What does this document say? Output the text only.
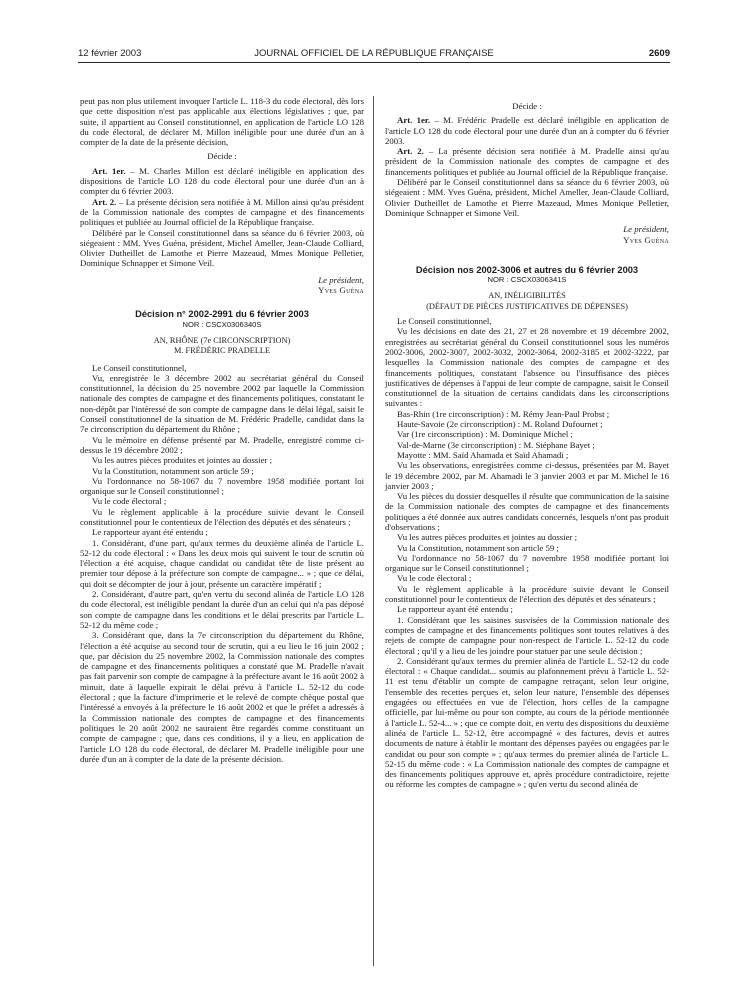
12 février 2003	JOURNAL OFFICIEL DE LA RÉPUBLIQUE FRANÇAISE	2609

peut pas non plus utilement invoquer l'article L. 118-3 du code électoral, dès lors que cette disposition n'est pas applicable aux élections législatives ; que, par suite, il appartient au Conseil constitutionnel, en application de l'article LO 128 du code électoral, de déclarer M. Millon inéligible pour une durée d'un an à compter de la date de la présente décision,

Décide :

Art. 1er. – M. Charles Millon est déclaré inéligible en application des dispositions de l'article LO 128 du code électoral pour une durée d'un an à compter du 6 février 2003.

Art. 2. – La présente décision sera notifiée à M. Millon ainsi qu'au président de la Commission nationale des comptes de campagne et des financements politiques et publiée au Journal officiel de la République française.

Délibéré par le Conseil constitutionnel dans sa séance du 6 février 2003, où siégeaient : MM. Yves Guéna, président, Michel Ameller, Jean-Claude Colliard, Olivier Dutheillet de Lamothe et Pierre Mazeaud, Mmes Monique Pelletier, Dominique Schnapper et Simone Veil.

Le président,

Yves Guéna

Décision n° 2002-2991 du 6 février 2003

NOR : CSCX0306340S

AN, RHÔNE (7e CIRCONSCRIPTION)

M. FRÉDÉRIC PRADELLE

Le Conseil constitutionnel,

Vu, enregistrée le 3 décembre 2002 au secrétariat général du Conseil constitutionnel, la décision du 25 novembre 2002 par laquelle la Commission nationale des comptes de campagne et des financements politiques, constatant le non-dépôt par l'intéressé de son compte de campagne dans le délai légal, saisit le Conseil constitutionnel de la situation de M. Frédéric Pradelle, candidat dans la 7e circonscription du département du Rhône ;

Vu le mémoire en défense présenté par M. Pradelle, enregistré comme ci-dessus le 19 décembre 2002 ;

Vu les autres pièces produites et jointes au dossier ;

Vu la Constitution, notamment son article 59 ;

Vu l'ordonnance no 58-1067 du 7 novembre 1958 modifiée portant loi organique sur le Conseil constitutionnel ;

Vu le code électoral ;

Vu le règlement applicable à la procédure suivie devant le Conseil constitutionnel pour le contentieux de l'élection des députés et des sénateurs ;

Le rapporteur ayant été entendu ;

1. Considérant, d'une part, qu'aux termes du deuxième alinéa de l'article L. 52-12 du code électoral : « Dans les deux mois qui suivent le tour de scrutin où l'élection a été acquise, chaque candidat ou candidat tête de liste présent au premier tour dépose à la préfecture son compte de campagne... » ; que ce délai, qui doit se décompter de jour à jour, présente un caractère impératif ;

2. Considérant, d'autre part, qu'en vertu du second alinéa de l'article LO 128 du code électoral, est inéligible pendant la durée d'un an celui qui n'a pas déposé son compte de campagne dans les conditions et le délai prescrits par l'article L. 52-12 du même code ;

3. Considérant que, dans la 7e circonscription du département du Rhône, l'élection a été acquise au second tour de scrutin, qui a eu lieu le 16 juin 2002 ; que, par décision du 25 novembre 2002, la Commission nationale des comptes de campagne et des financements politiques a constaté que M. Pradelle n'avait pas fait parvenir son compte de campagne à la préfecture avant le 16 août 2002 à minuit, date à laquelle expirait le délai prévu à l'article L. 52-12 du code électoral ; que la facture d'imprimerie et le relevé de compte chèque postal que l'intéressé a envoyés à la préfecture le 16 août 2002 et que le préfet a adressés à la Commission nationale des comptes de campagne et des financements politiques le 20 août 2002 ne sauraient être regardés comme constituant un compte de campagne ; que, dans ces conditions, il y a lieu, en application de l'article LO 128 du code électoral, de déclarer M. Pradelle inéligible pour une durée d'un an à compter de la date de la présente décision.

Décide :

Art. 1er. – M. Frédéric Pradelle est déclaré inéligible en application de l'article LO 128 du code électoral pour une durée d'un an à compter du 6 février 2003.

Art. 2. – La présente décision sera notifiée à M. Pradelle ainsi qu'au président de la Commission nationale des comptes de campagne et des financements politiques et publiée au Journal officiel de la République française.

Délibéré par le Conseil constitutionnel dans sa séance du 6 février 2003, où siégeaient : MM. Yves Guéna, président, Michel Ameller, Jean-Claude Colliard, Olivier Dutheillet de Lamothe et Pierre Mazeaud, Mmes Monique Pelletier, Dominique Schnapper et Simone Veil.

Le président,

Yves Guéna

Décision nos 2002-3006 et autres du 6 février 2003

NOR : CSCX0306341S

AN, INÉLIGIBILITÉS

(DÉFAUT DE PIÈCES JUSTIFICATIVES DE DÉPENSES)

Le Conseil constitutionnel,

Vu les décisions en date des 21, 27 et 28 novembre et 19 décembre 2002, enregistrées au secrétariat général du Conseil constitutionnel sous les numéros 2002-3006, 2002-3007, 2002-3032, 2002-3064, 2002-3185 et 2002-3222, par lesquelles la Commission nationale des comptes de campagne et des financements politiques, constatant l'absence ou l'insuffisance des pièces justificatives de dépenses à l'appui de leur compte de campagne, saisit le Conseil constitutionnel de la situation de certains candidats dans les circonscriptions suivantes :

Bas-Rhin (1re circonscription) : M. Rémy Jean-Paul Probst ;

Haute-Savoie (2e circonscription) : M. Roland Dufournet ;

Var (1re circonscription) : M. Dominique Michel ;

Val-de-Marne (3e circonscription) : M. Stéphane Bayet ;

Mayotte : MM. Saïd Ahamada et Saïd Ahamadi ;

Vu les observations, enregistrées comme ci-dessus, présentées par M. Bayet le 19 décembre 2002, par M. Ahamadi le 3 janvier 2003 et par M. Michel le 16 janvier 2003 ;

Vu les pièces du dossier desquelles il résulte que communication de la saisine de la Commission nationale des comptes de campagne et des financements politiques a été donnée aux autres candidats concernés, lesquels n'ont pas produit d'observations ;

Vu les autres pièces produites et jointes au dossier ;

Vu la Constitution, notamment son article 59 ;

Vu l'ordonnance no 58-1067 du 7 novembre 1958 modifiée portant loi organique sur le Conseil constitutionnel ;

Vu le code électoral ;

Vu le règlement applicable à la procédure suivie devant le Conseil constitutionnel pour le contentieux de l'élection des députés et des sénateurs ;

Le rapporteur ayant été entendu ;

1. Considérant que les saisines susvisées de la Commission nationale des comptes de campagne et des financements politiques sont toutes relatives à des rejets de compte de campagne pour non-respect de l'article L. 52-12 du code électoral ; qu'il y a lieu de les joindre pour statuer par une seule décision ;

2. Considérant qu'aux termes du premier alinéa de l'article L. 52-12 du code électoral : « Chaque candidat... soumis au plafonnement prévu à l'article L. 52-11 est tenu d'établir un compte de campagne retraçant, selon leur origine, l'ensemble des recettes perçues et, selon leur nature, l'ensemble des dépenses engagées ou effectuées en vue de l'élection, hors celles de la campagne officielle, par lui-même ou pour son compte, au cours de la période mentionnée à l'article L. 52-4... » ; que ce compte doit, en vertu des dispositions du deuxième alinéa de l'article L. 52-12, être accompagné « des factures, devis et autres documents de nature à établir le montant des dépenses payées ou engagées par le candidat ou pour son compte » ; qu'aux termes du premier alinéa de l'article L. 52-15 du même code : « La Commission nationale des comptes de campagne et des financements politiques approuve et, après procédure contradictoire, rejette ou réforme les comptes de campagne » ; qu'en vertu du second alinéa de
